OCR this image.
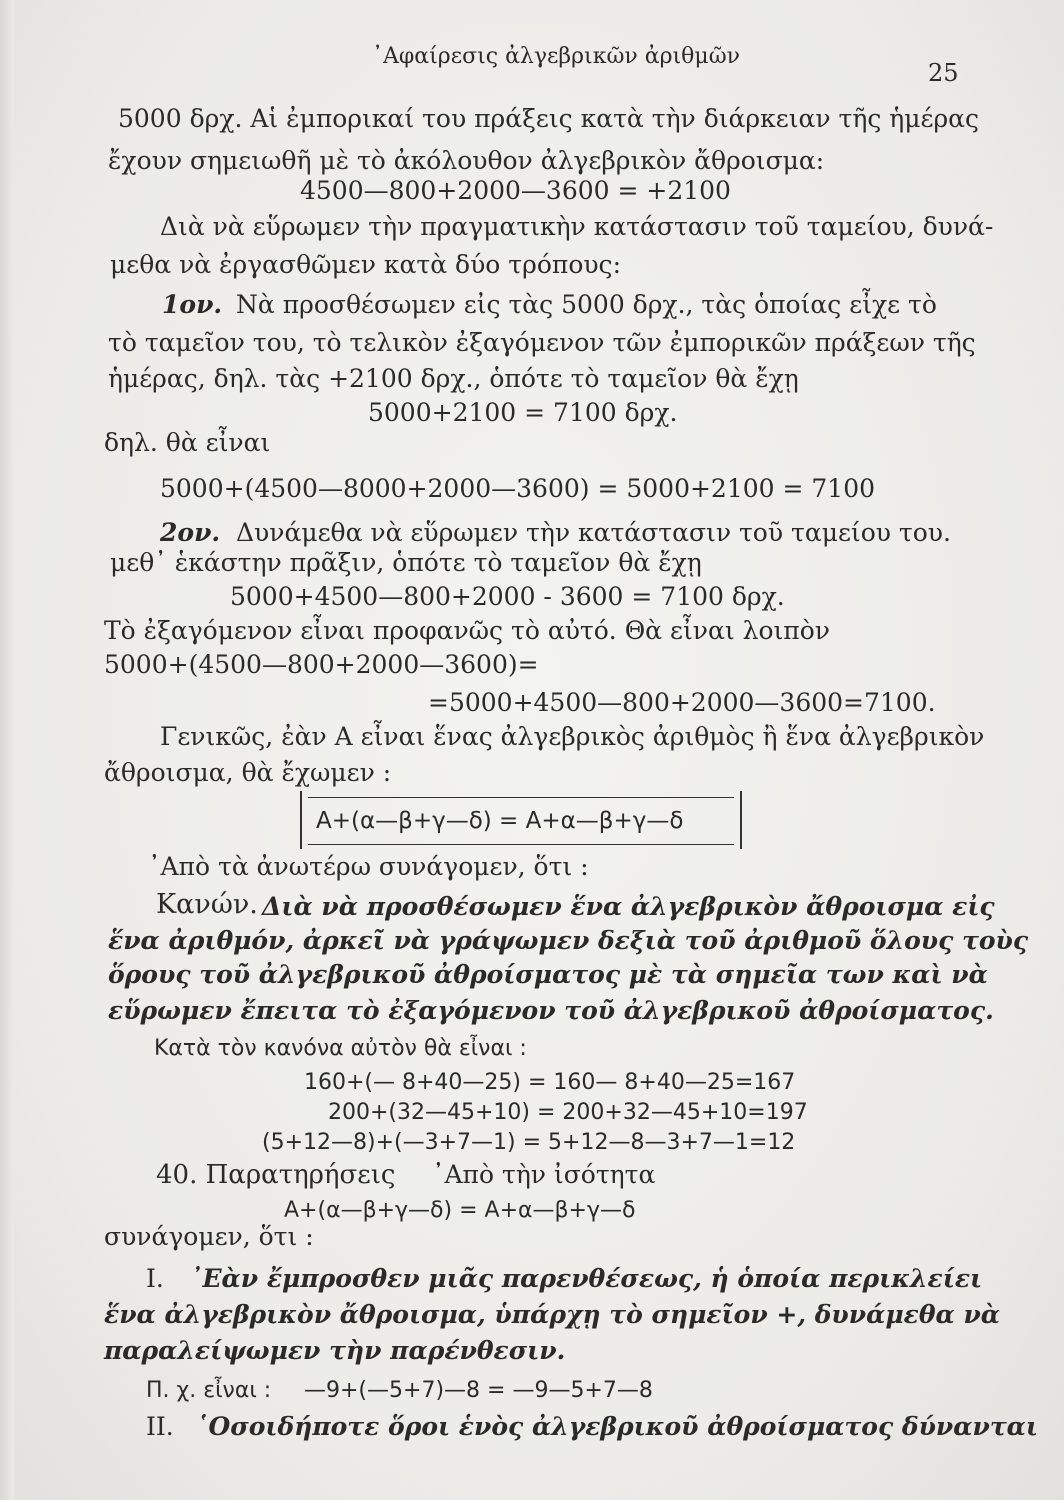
᾿Αφαίρεσις ἀλγεβρικῶν ἀριθμῶν
25
5000 δρχ. Αἱ ἐμπορικαί του πράξεις κατὰ τὴν διάρκειαν τῆς ἡμέρας
ἔχουν σημειωθῆ μὲ τὸ ἀκόλουθον ἀλγεβρικὸν ἄθροισμα:
4500—800+2000—3600 = +2100
Διὰ νὰ εὕρωμεν τὴν πραγματικὴν κατάστασιν τοῦ ταμείου, δυνά-
μεθα νὰ ἐργασθῶμεν κατὰ δύο τρόπους:
1ον. Νὰ προσθέσωμεν εἰς τὰς 5000 δρχ., τὰς ὁποίας εἶχε τὸ
τὸ ταμεῖον του, τὸ τελικὸν ἐξαγόμενον τῶν ἐμπορικῶν πράξεων τῆς
ἡμέρας, δηλ. τὰς +2100 δρχ., ὁπότε τὸ ταμεῖον θὰ ἔχῃ
5000+2100 = 7100 δρχ.
δηλ. θὰ εἶναι
5000+(4500—8000+2000—3600) = 5000+2100 = 7100
2ον. Δυνάμεθα νὰ εὕρωμεν τὴν κατάστασιν τοῦ ταμείου του.
μεθ᾽ ἑκάστην πρᾶξιν, ὁπότε τὸ ταμεῖον θὰ ἔχῃ
5000+4500—800+2000 - 3600 = 7100 δρχ.
Τὸ ἐξαγόμενον εἶναι προφανῶς τὸ αὐτό. Θὰ εἶναι λοιπὸν
5000+(4500—800+2000—3600)=
=5000+4500—800+2000—3600=7100.
Γενικῶς, ἐὰν Α εἶναι ἕνας ἀλγεβρικὸς ἀριθμὸς ἢ ἕνα ἀλγεβρικὸν
ἄθροισμα, θὰ ἔχωμεν :
Α+(α—β+γ—δ) = Α+α—β+γ—δ
᾿Απὸ τὰ ἀνωτέρω συνάγομεν, ὅτι :
Κανών. Διὰ νὰ προσθέσωμεν ἕνα ἀλγεβρικὸν ἄθροισμα εἰς
ἕνα ἀριθμόν, ἀρκεῖ νὰ γράψωμεν δεξιὰ τοῦ ἀριθμοῦ ὅλους τοὺς
ὅρους τοῦ ἀλγεβρικοῦ ἀθροίσματος μὲ τὰ σημεῖα των καὶ νὰ
εὕρωμεν ἔπειτα τὸ ἐξαγόμενον τοῦ ἀλγεβρικοῦ ἀθροίσματος.
Κατὰ τὸν κανόνα αὐτὸν θὰ εἶναι :
160+(— 8+40—25) = 160— 8+40—25=167
200+(32—45+10) = 200+32—45+10=197
(5+12—8)+(—3+7—1) = 5+12—8—3+7—1=12
40. Παρατηρήσεις ᾿Απὸ τὴν ἰσότητα
Α+(α—β+γ—δ) = Α+α—β+γ—δ
συνάγομεν, ὅτι :
Ι. ᾿Εὰν ἔμπροσθεν μιᾶς παρενθέσεως, ἡ ὁποία περικλείει
ἕνα ἀλγεβρικὸν ἄθροισμα, ὑπάρχῃ τὸ σημεῖον +, δυνάμεθα νὰ
παραλείψωμεν τὴν παρένθεσιν.
Π. χ. εἶναι : —9+(—5+7)—8 = —9—5+7—8
ΙΙ. ῾Οσοιδήποτε ὅροι ἑνὸς ἀλγεβρικοῦ ἀθροίσματος δύνανται
